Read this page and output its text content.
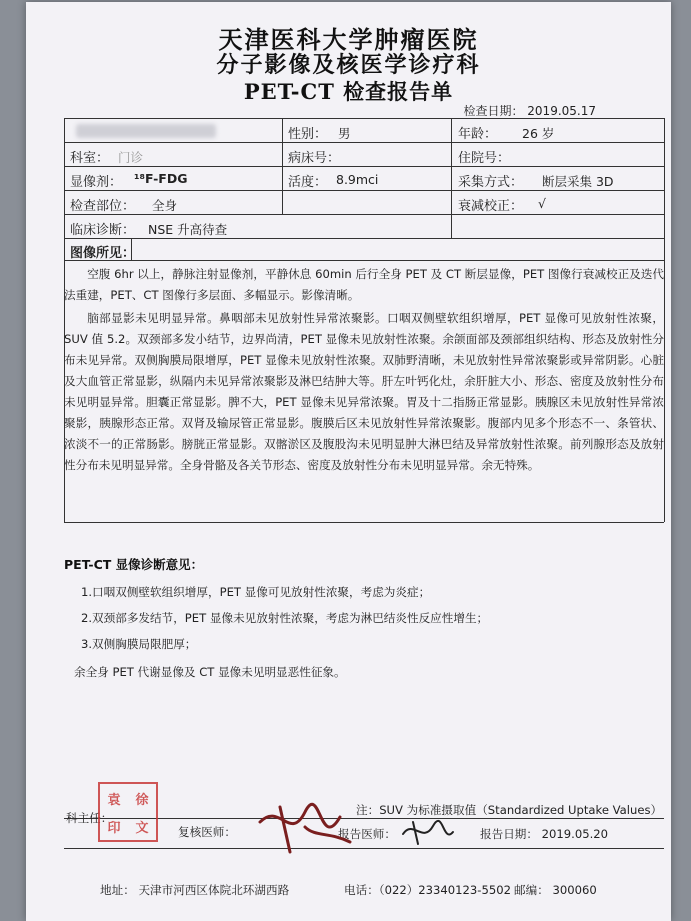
天津医科大学肿瘤医院
分子影像及核医学诊疗科
PET-CT 检查报告单
检查日期： 2019.05.17
性别： 男	年龄： 26 岁
科室： 门诊	病床号：	住院号：
显像剂： ¹⁸F-FDG	活度： 8.9mci	采集方式： 断层采集 3D
检查部位： 全身	衰减校正： √
临床诊断： NSE 升高待查
图像所见：

空腹 6hr 以上，静脉注射显像剂，平静休息 60min 后行全身 PET 及 CT 断层显像，PET 图像行衰减校正及迭代法重建，PET、CT 图像行多层面、多幅显示。影像清晰。

脑部显影未见明显异常。鼻咽部未见放射性异常浓聚影。口咽双侧壁软组织增厚，PET 显像可见放射性浓聚，SUV 值 5.2。双颈部多发小结节，边界尚清，PET 显像未见放射性浓聚。余颌面部及颈部组织结构、形态及放射性分布未见异常。双侧胸膜局限增厚，PET 显像未见放射性浓聚。双肺野清晰，未见放射性异常浓聚影或异常阴影。心脏及大血管正常显影，纵隔内未见异常浓聚影及淋巴结肿大等。肝左叶钙化灶，余肝脏大小、形态、密度及放射性分布未见明显异常。胆囊正常显影。脾不大，PET 显像未见异常浓聚。胃及十二指肠正常显影。胰腺区未见放射性异常浓聚影，胰腺形态正常。双肾及输尿管正常显影。腹膜后区未见放射性异常浓聚影。腹部内见多个形态不一、条管状、浓淡不一的正常肠影。膀胱正常显影。双髂淤区及腹股沟未见明显肿大淋巴结及异常放射性浓聚。前列腺形态及放射性分布未见明显异常。全身骨骼及各关节形态、密度及放射性分布未见明显异常。余无特殊。

PET-CT 显像诊断意见：
1.口咽双侧壁软组织增厚，PET 显像可见放射性浓聚，考虑为炎症；
2.双颈部多发结节，PET 显像未见放射性浓聚，考虑为淋巴结炎性反应性增生；
3.双侧胸膜局限肥厚；
余全身 PET 代谢显像及 CT 显像未见明显恶性征象。
注：SUV 为标准摄取值（Standardized Uptake Values）
科主任：
复核医师：	报告医师：	报告日期： 2019.05.20
地址： 天津市河西区体院北环湖西路	电话：（022）23340123-5502 邮编： 300060
袁	徐
印	文
